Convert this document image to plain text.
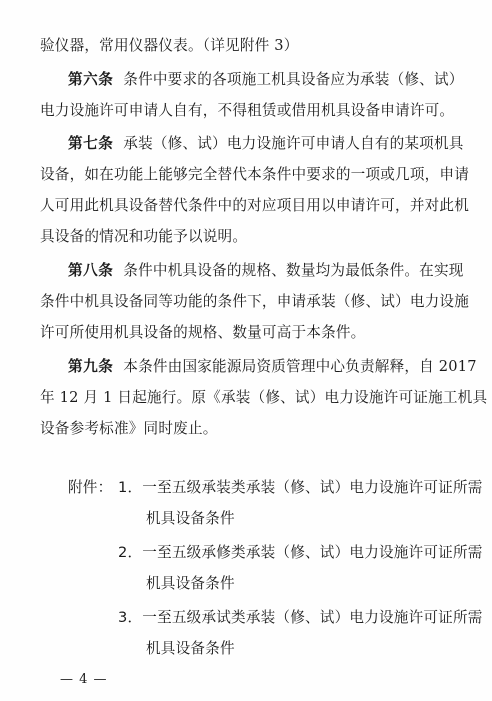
验仪器，常用仪器仪表。（详见附件 3）
第六条 条件中要求的各项施工机具设备应为承装（修、试）
电力设施许可申请人自有，不得租赁或借用机具设备申请许可。
第七条 承装（修、试）电力设施许可申请人自有的某项机具
设备，如在功能上能够完全替代本条件中要求的一项或几项，申请
人可用此机具设备替代条件中的对应项目用以申请许可，并对此机
具设备的情况和功能予以说明。
第八条 条件中机具设备的规格、数量均为最低条件。在实现
条件中机具设备同等功能的条件下，申请承装（修、试）电力设施
许可所使用机具设备的规格、数量可高于本条件。
第九条 本条件由国家能源局资质管理中心负责解释，自 2017
年 12 月 1 日起施行。原《承装（修、试）电力设施许可证施工机具
设备参考标准》同时废止。
附件： 1．一至五级承装类承装（修、试）电力设施许可证所需
机具设备条件
2．一至五级承修类承装（修、试）电力设施许可证所需
机具设备条件
3．一至五级承试类承装（修、试）电力设施许可证所需
机具设备条件
— 4 —
